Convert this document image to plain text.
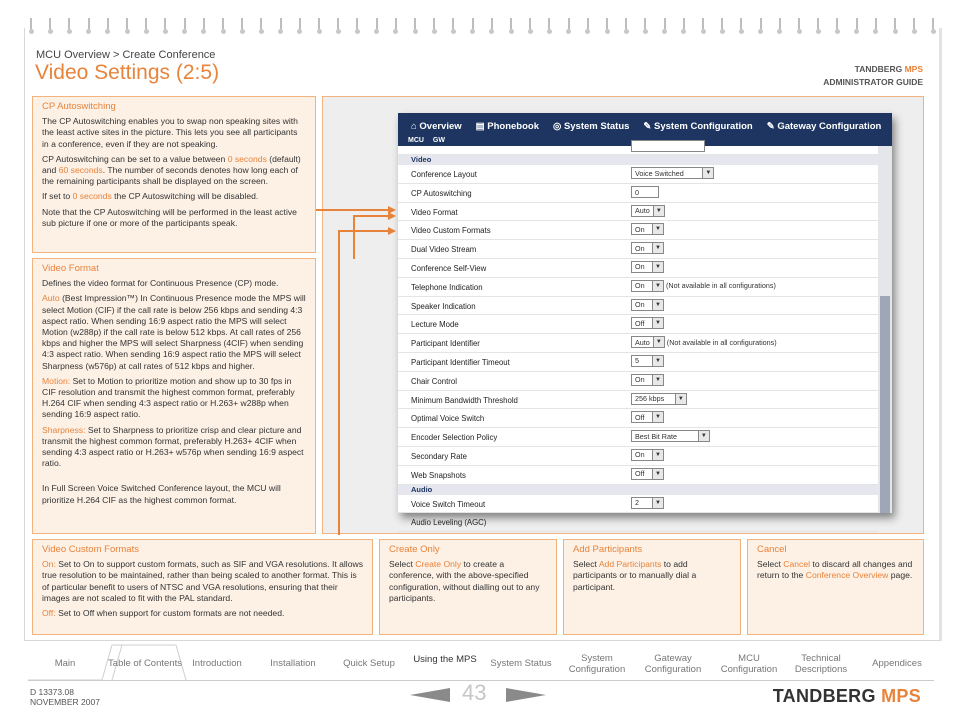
MCU Overview > Create Conference
Video Settings (2:5)	TANDBERG MPS
ADMINISTRATOR GUIDE
CP Autoswitching

The CP Autoswitching enables you to swap non speaking sites with the least active sites in the picture. This lets you see all participants in a conference, even if they are not speaking.

CP Autoswitching can be set to a value between 0 seconds (default) and 60 seconds. The number of seconds denotes how long each of the remaining participants shall be displayed on the screen.

If set to 0 seconds the CP Autoswitching will be disabled.

Note that the CP Autoswitching will be performed in the least active sub picture if one or more of the participants speak.

Video Format

Defines the video format for Continuous Presence (CP) mode.

Auto (Best Impression™) In Continuous Presence mode the MPS will select Motion (CIF) if the call rate is below 256 kbps and sending 4:3 aspect ratio. When sending 16:9 aspect ratio the MPS will select Motion (w288p) if the call rate is below 512 kbps. At call rates of 256 kbps and higher the MPS will select Sharpness (4CIF) when sending 4:3 aspect ratio. When sending 16:9 aspect ratio the MPS will select Sharpness (w576p) at call rates of 512 kbps and higher.

Motion: Set to Motion to prioritize motion and show up to 30 fps in CIF resolution and transmit the highest common format, preferably H.264 CIF when sending 4:3 aspect ratio or H.263+ w288p when sending 16:9 aspect ratio.

Sharpness: Set to Sharpness to prioritize crisp and clear picture and transmit the highest common format, preferably H.263+ 4CIF when sending 4:3 aspect ratio or H.263+ w576p when sending 16:9 aspect ratio.

In Full Screen Voice Switched Conference layout, the MCU will prioritize H.264 CIF as the highest common format.

⌂ Overview	▤ Phonebook	◎ System Status	✎ System Configuration	✎ Gateway Configuration
MCU GW
Video
Conference Layout	Voice Switched	▼
CP Autoswitching	0
Video Format	Auto	▼
Video Custom Formats	On	▼
Dual Video Stream	On	▼
Conference Self-View	On	▼
Telephone Indication	On	▼ (Not available in all configurations)
Speaker Indication	On	▼
Lecture Mode	Off	▼
Participant Identifier	Auto	▼ (Not available in all configurations)
Participant Identifier Timeout	5	▼
Chair Control	On	▼
Minimum Bandwidth Threshold	256 kbps	▼
Optimal Voice Switch	Off	▼
Encoder Selection Policy	Best Bit Rate	▼
Secondary Rate	On	▼
Web Snapshots	Off	▼
Audio
Voice Switch Timeout	2	▼
Audio Leveling (AGC)
Video Custom Formats

On: Set to On to support custom formats, such as SIF and VGA resolutions. It allows true resolution to be maintained, rather than being scaled to another format. This is of particular benefit to users of NTSC and VGA resolutions, ensuring that their images are not scaled to fit with the PAL standard.

Off: Set to Off when support for custom formats are not needed.

Create Only

Select Create Only to create a conference, with the above-specified configuration, without dialling out to any participants.

Add Participants

Select Add Participants to add participants or to manually dial a participant.

Cancel

Select Cancel to discard all changes and return to the Conference Overview page.

Main	Table of Contents	Introduction	Installation	Quick Setup	Using the MPS	System Status	System Configuration
Gateway Configuration
MCU Configuration
Technical Descriptions	Appendices
D 13373.08
NOVEMBER 2007	43	TANDBERG MPS
